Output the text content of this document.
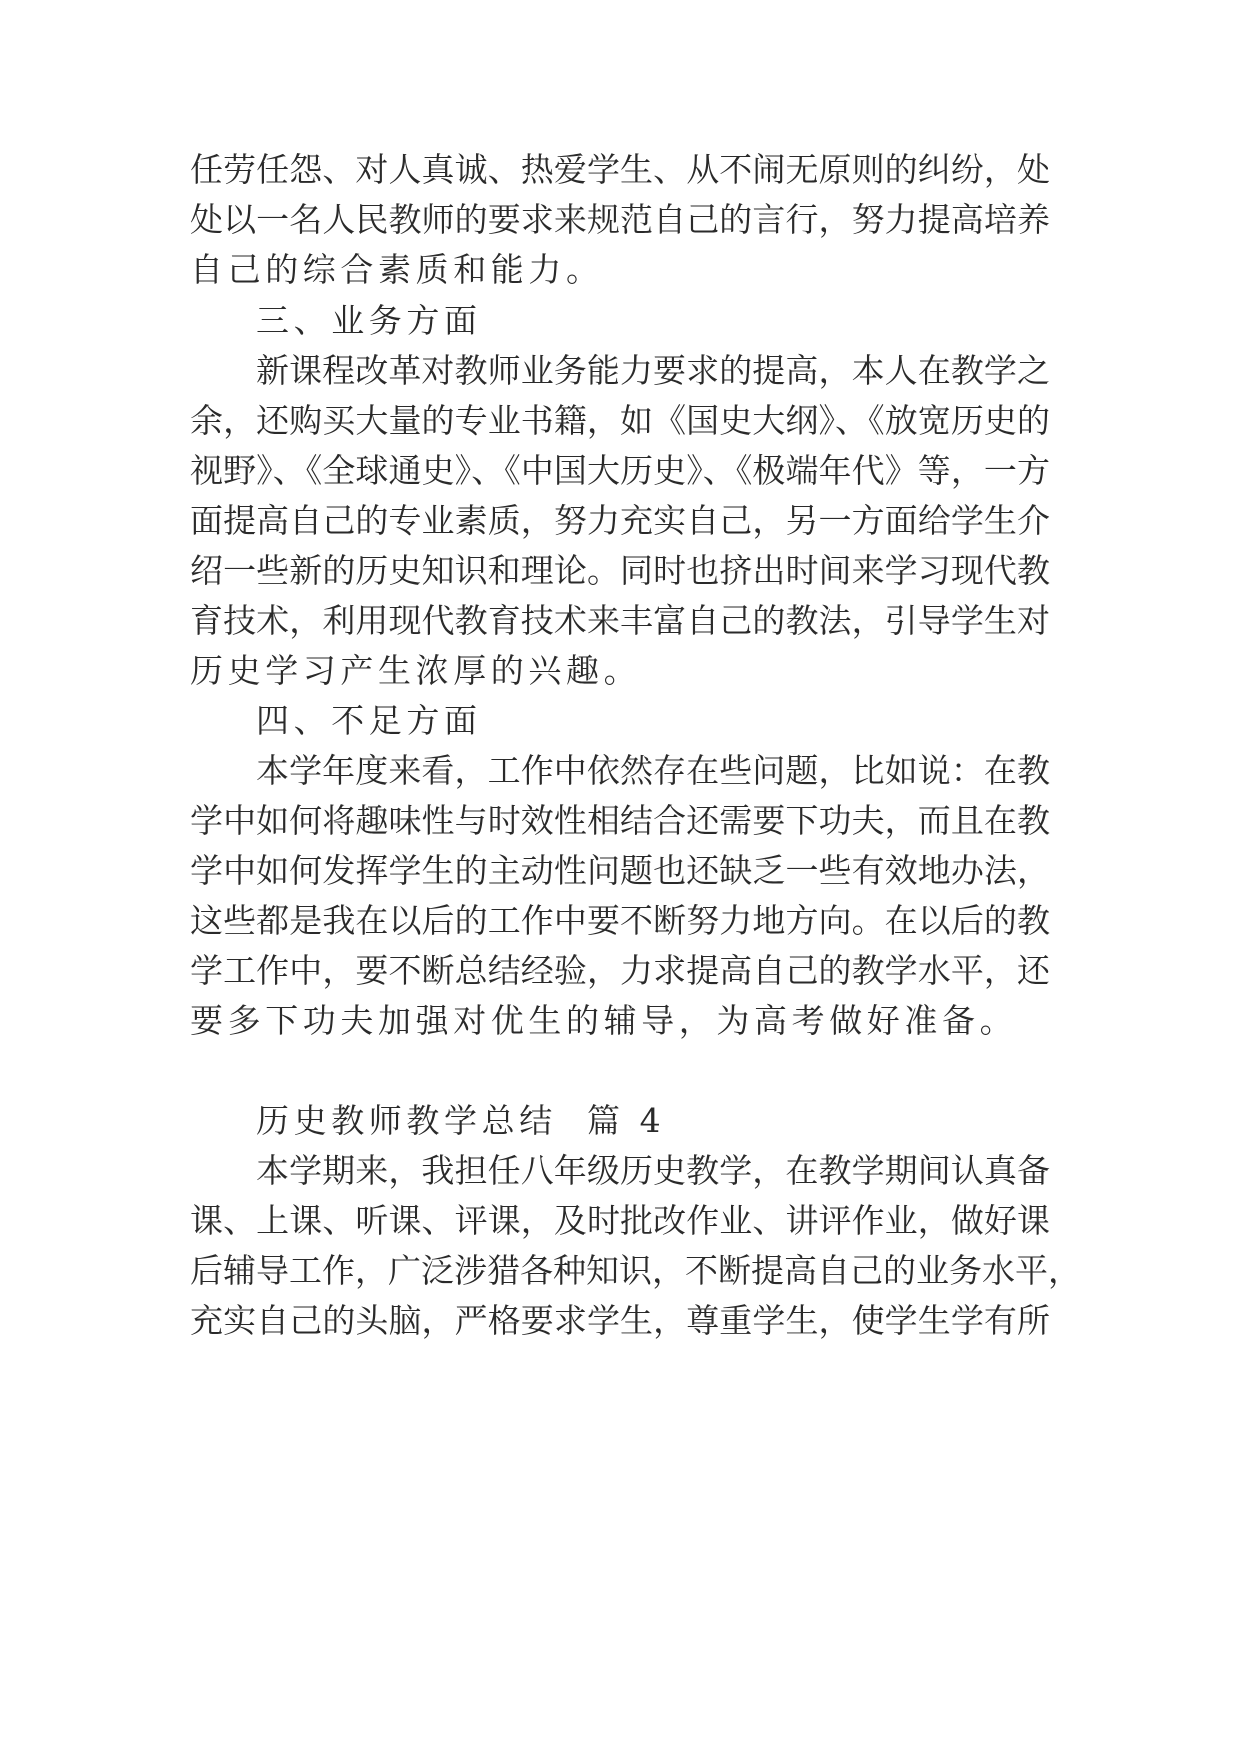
任劳任怨、对人真诚、热爱学生、从不闹无原则的纠纷，处
处以一名人民教师的要求来规范自己的言行，努力提高培养
自己的综合素质和能力。
三、业务方面
新课程改革对教师业务能力要求的提高，本人在教学之
余，还购买大量的专业书籍，如《国史大纲》、《放宽历史的
视野》、《全球通史》、《中国大历史》、《极端年代》等，一方
面提高自己的专业素质，努力充实自己，另一方面给学生介
绍一些新的历史知识和理论。同时也挤出时间来学习现代教
育技术，利用现代教育技术来丰富自己的教法，引导学生对
历史学习产生浓厚的兴趣。
四、不足方面
本学年度来看，工作中依然存在些问题，比如说：在教
学中如何将趣味性与时效性相结合还需要下功夫，而且在教
学中如何发挥学生的主动性问题也还缺乏一些有效地办法，
这些都是我在以后的工作中要不断努力地方向。在以后的教
学工作中，要不断总结经验，力求提高自己的教学水平，还
要多下功夫加强对优生的辅导，为高考做好准备。
历史教师教学总结  篇 4
本学期来，我担任八年级历史教学，在教学期间认真备
课、上课、听课、评课，及时批改作业、讲评作业，做好课
后辅导工作，广泛涉猎各种知识，不断提高自己的业务水平，
充实自己的头脑，严格要求学生，尊重学生，使学生学有所
